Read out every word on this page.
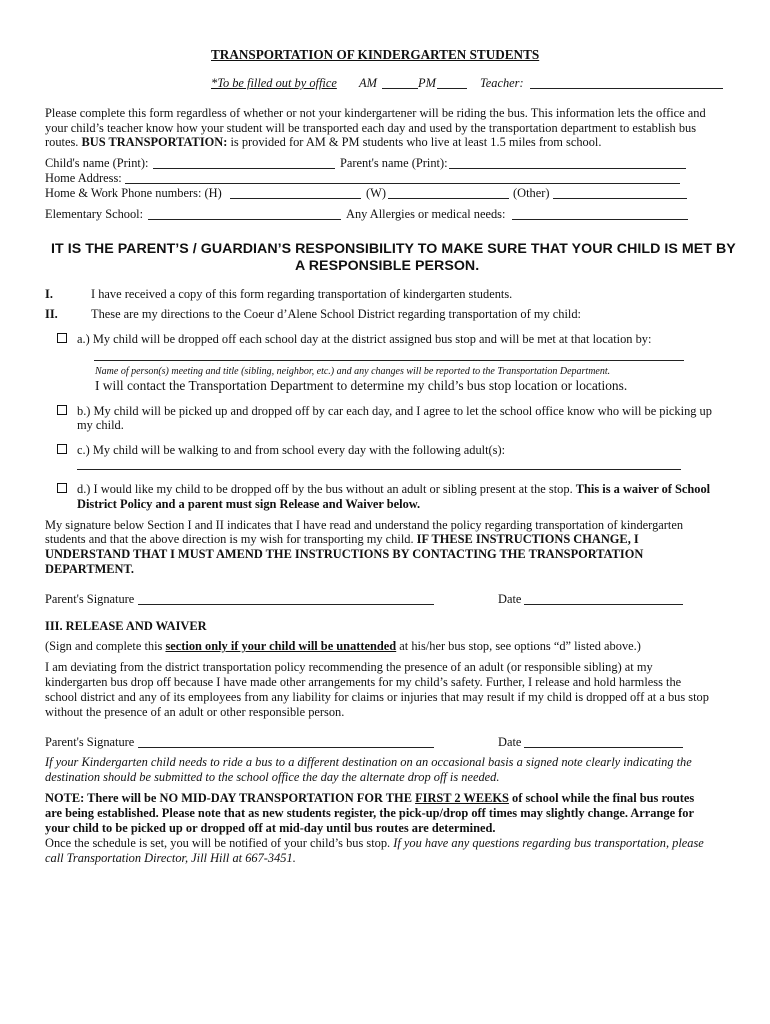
TRANSPORTATION OF KINDERGARTEN STUDENTS
*To be filled out by office AM	PM	Teacher:
Please complete this form regardless of whether or not your kindergartener will be riding the bus. This information lets the office and
your child’s teacher know how your student will be transported each day and used by the transportation department to establish bus
routes. BUS TRANSPORTATION: is provided for AM & PM students who live at least 1.5 miles from school.
Child's name (Print):	Parent's name (Print):
Home Address:
Home & Work Phone numbers: (H)	(W)	(Other)
Elementary School:	Any Allergies or medical needs:
IT IS THE PARENT’S / GUARDIAN’S RESPONSIBILITY TO MAKE SURE THAT YOUR CHILD IS MET BY
A RESPONSIBLE PERSON.
I.	I have received a copy of this form regarding transportation of kindergarten students.
II.	These are my directions to the Coeur d’Alene School District regarding transportation of my child:
a.) My child will be dropped off each school day at the district assigned bus stop and will be met at that location by:
Name of person(s) meeting and title (sibling, neighbor, etc.) and any changes will be reported to the Transportation Department.
I will contact the Transportation Department to determine my child’s bus stop location or locations.
b.) My child will be picked up and dropped off by car each day, and I agree to let the school office know who will be picking up
my child.
c.) My child will be walking to and from school every day with the following adult(s):
d.) I would like my child to be dropped off by the bus without an adult or sibling present at the stop. This is a waiver of School
District Policy and a parent must sign Release and Waiver below.
My signature below Section I and II indicates that I have read and understand the policy regarding transportation of kindergarten
students and that the above direction is my wish for transporting my child. IF THESE INSTRUCTIONS CHANGE, I
UNDERSTAND THAT I MUST AMEND THE INSTRUCTIONS BY CONTACTING THE TRANSPORTATION
DEPARTMENT.
Parent's Signature	Date
III. RELEASE AND WAIVER
(Sign and complete this section only if your child will be unattended at his/her bus stop, see options “d” listed above.)
I am deviating from the district transportation policy recommending the presence of an adult (or responsible sibling) at my
kindergarten bus drop off because I have made other arrangements for my child’s safety. Further, I release and hold harmless the
school district and any of its employees from any liability for claims or injuries that may result if my child is dropped off at a bus stop
without the presence of an adult or other responsible person.
Parent's Signature	Date
If your Kindergarten child needs to ride a bus to a different destination on an occasional basis a signed note clearly indicating the
destination should be submitted to the school office the day the alternate drop off is needed.
NOTE: There will be NO MID-DAY TRANSPORTATION FOR THE FIRST 2 WEEKS of school while the final bus routes
are being established. Please note that as new students register, the pick-up/drop off times may slightly change. Arrange for
your child to be picked up or dropped off at mid-day until bus routes are determined.
Once the schedule is set, you will be notified of your child’s bus stop. If you have any questions regarding bus transportation, please
call Transportation Director, Jill Hill at 667-3451.
